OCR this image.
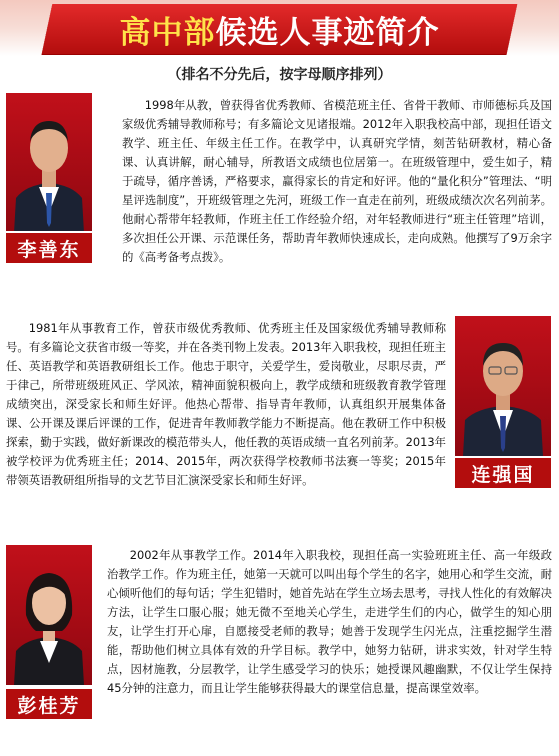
高中部 候选人事迹简介
（排名不分先后，按字母顺序排列）
李善东

1998年从教，曾获得省优秀教师、省模范班主任、省骨干教师、市师德标兵及国家级优秀辅导教师称号；有多篇论文见诸报端。2012年入职我校高中部，现担任语文教学、班主任、年级主任工作。在教学中，认真研究学情，刻苦钻研教材，精心备课、认真讲解，耐心辅导，所教语文成绩也位居第一。在班级管理中，爱生如子，精于疏导，循序善诱，严格要求，赢得家长的肯定和好评。他的“量化积分”管理法、“明星评选制度”，开班级管理之先河，班级工作一直走在前列，班级成绩次次名列前茅。他耐心帮带年轻教师，作班主任工作经验介绍，对年轻教师进行“班主任管理”培训，多次担任公开课、示范课任务，帮助青年教师快速成长，走向成熟。他撰写了9万余字的《高考备考点拨》。

连强国

1981年从事教育工作，曾获市级优秀教师、优秀班主任及国家级优秀辅导教师称号。有多篇论文获省市级一等奖，并在各类刊物上发表。2013年入职我校，现担任班主任、英语教学和英语教研组长工作。他忠于职守，关爱学生，爱岗敬业，尽职尽责，严于律己，所带班级班风正、学风浓，精神面貌积极向上，教学成绩和班级教育教学管理成绩突出，深受家长和师生好评。他热心帮带、指导青年教师，认真组织开展集体备课、公开课及课后评课的工作，促进青年教师教学能力不断提高。他在教研工作中积极探索，勤于实践，做好新课改的模范带头人，他任教的英语成绩一直名列前茅。2013年被学校评为优秀班主任；2014、2015年，两次获得学校教师书法赛一等奖；2015年带领英语教研组所指导的文艺节目汇演深受家长和师生好评。

彭桂芳

2002年从事教学工作。2014年入职我校，现担任高一实验班班主任、高一年级政治教学工作。作为班主任，她第一天就可以叫出每个学生的名字，她用心和学生交流，耐心倾听他们的每句话；学生犯错时，她首先站在学生立场去思考，寻找人性化的有效解决方法，让学生口服心服；她无微不至地关心学生，走进学生们的内心，做学生的知心朋友，让学生打开心扉，自愿接受老师的教导；她善于发现学生闪光点，注重挖掘学生潜能，帮助他们树立具体有效的升学目标。教学中，她努力钻研，讲求实效，针对学生特点，因材施教，分层教学，让学生感受学习的快乐；她授课风趣幽默，不仅让学生保持45分钟的注意力，而且让学生能够获得最大的课堂信息量，提高课堂效率。
